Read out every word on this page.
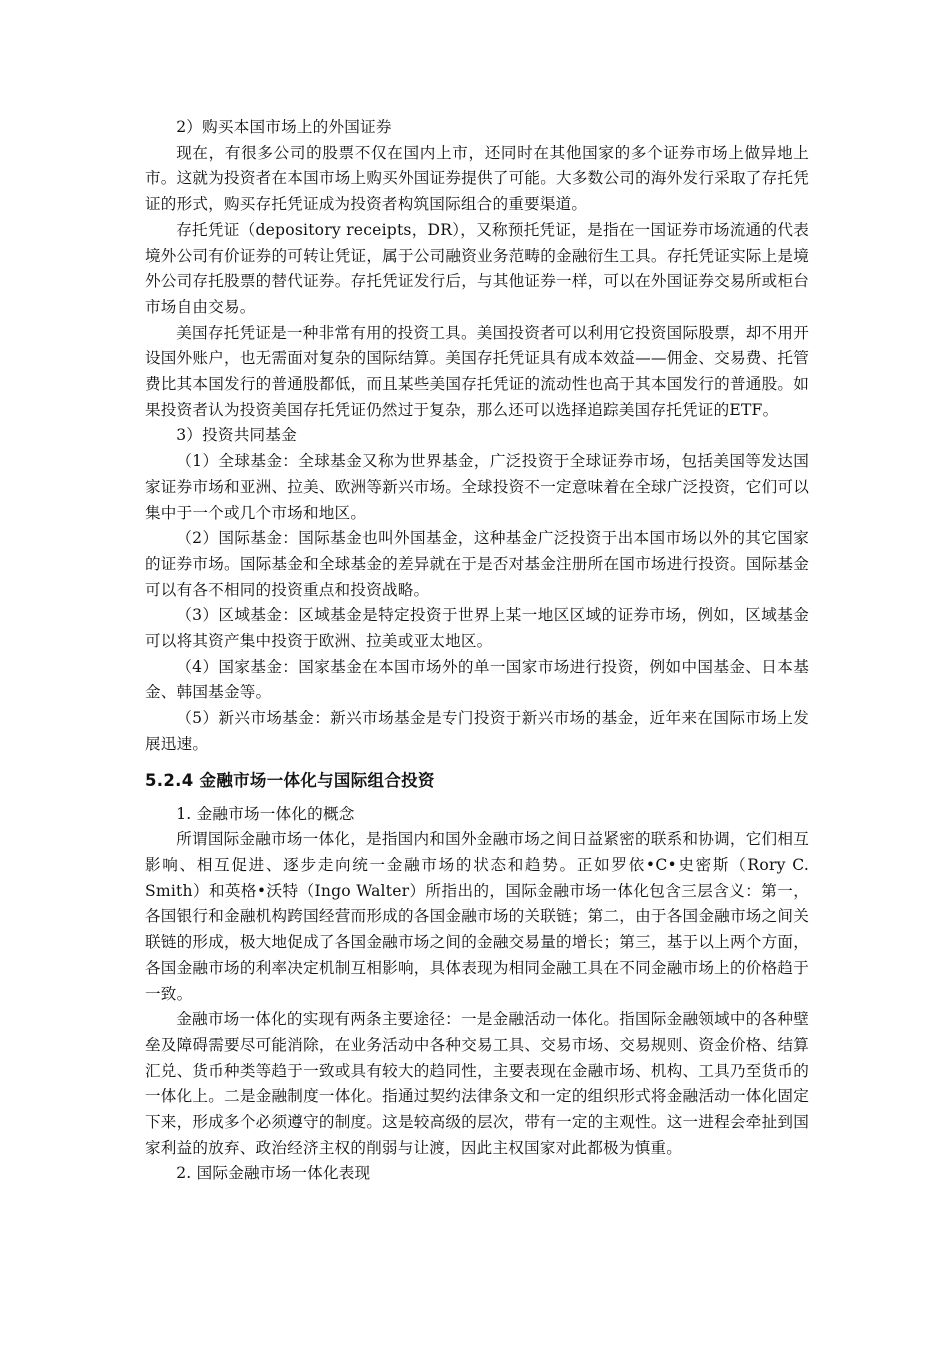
2）购买本国市场上的外国证券

现在，有很多公司的股票不仅在国内上市，还同时在其他国家的多个证券市场上做异地上市。这就为投资者在本国市场上购买外国证券提供了可能。大多数公司的海外发行采取了存托凭证的形式，购买存托凭证成为投资者构筑国际组合的重要渠道。

存托凭证（depository receipts，DR），又称预托凭证，是指在一国证券市场流通的代表境外公司有价证券的可转让凭证，属于公司融资业务范畴的金融衍生工具。存托凭证实际上是境外公司存托股票的替代证券。存托凭证发行后，与其他证券一样，可以在外国证券交易所或柜台市场自由交易。

美国存托凭证是一种非常有用的投资工具。美国投资者可以利用它投资国际股票，却不用开设国外账户，也无需面对复杂的国际结算。美国存托凭证具有成本效益——佣金、交易费、托管费比其本国发行的普通股都低，而且某些美国存托凭证的流动性也高于其本国发行的普通股。如果投资者认为投资美国存托凭证仍然过于复杂，那么还可以选择追踪美国存托凭证的ETF。

3）投资共同基金

（1）全球基金：全球基金又称为世界基金，广泛投资于全球证券市场，包括美国等发达国家证券市场和亚洲、拉美、欧洲等新兴市场。全球投资不一定意味着在全球广泛投资，它们可以集中于一个或几个市场和地区。

（2）国际基金：国际基金也叫外国基金，这种基金广泛投资于出本国市场以外的其它国家的证券市场。国际基金和全球基金的差异就在于是否对基金注册所在国市场进行投资。国际基金可以有各不相同的投资重点和投资战略。

（3）区域基金：区域基金是特定投资于世界上某一地区区域的证券市场，例如，区域基金可以将其资产集中投资于欧洲、拉美或亚太地区。

（4）国家基金：国家基金在本国市场外的单一国家市场进行投资，例如中国基金、日本基金、韩国基金等。

（5）新兴市场基金：新兴市场基金是专门投资于新兴市场的基金，近年来在国际市场上发展迅速。

5.2.4 金融市场一体化与国际组合投资

1. 金融市场一体化的概念

所谓国际金融市场一体化，是指国内和国外金融市场之间日益紧密的联系和协调，它们相互影响、相互促进、逐步走向统一金融市场的状态和趋势。正如罗依•C•史密斯（Rory C. Smith）和英格•沃特（Ingo Walter）所指出的，国际金融市场一体化包含三层含义：第一，各国银行和金融机构跨国经营而形成的各国金融市场的关联链；第二，由于各国金融市场之间关联链的形成，极大地促成了各国金融市场之间的金融交易量的增长；第三，基于以上两个方面，各国金融市场的利率决定机制互相影响，具体表现为相同金融工具在不同金融市场上的价格趋于一致。

金融市场一体化的实现有两条主要途径：一是金融活动一体化。指国际金融领域中的各种壁垒及障碍需要尽可能消除，在业务活动中各种交易工具、交易市场、交易规则、资金价格、结算汇兑、货币种类等趋于一致或具有较大的趋同性，主要表现在金融市场、机构、工具乃至货币的一体化上。二是金融制度一体化。指通过契约法律条文和一定的组织形式将金融活动一体化固定下来，形成多个必须遵守的制度。这是较高级的层次，带有一定的主观性。这一进程会牵扯到国家利益的放弃、政治经济主权的削弱与让渡，因此主权国家对此都极为慎重。

2. 国际金融市场一体化表现
